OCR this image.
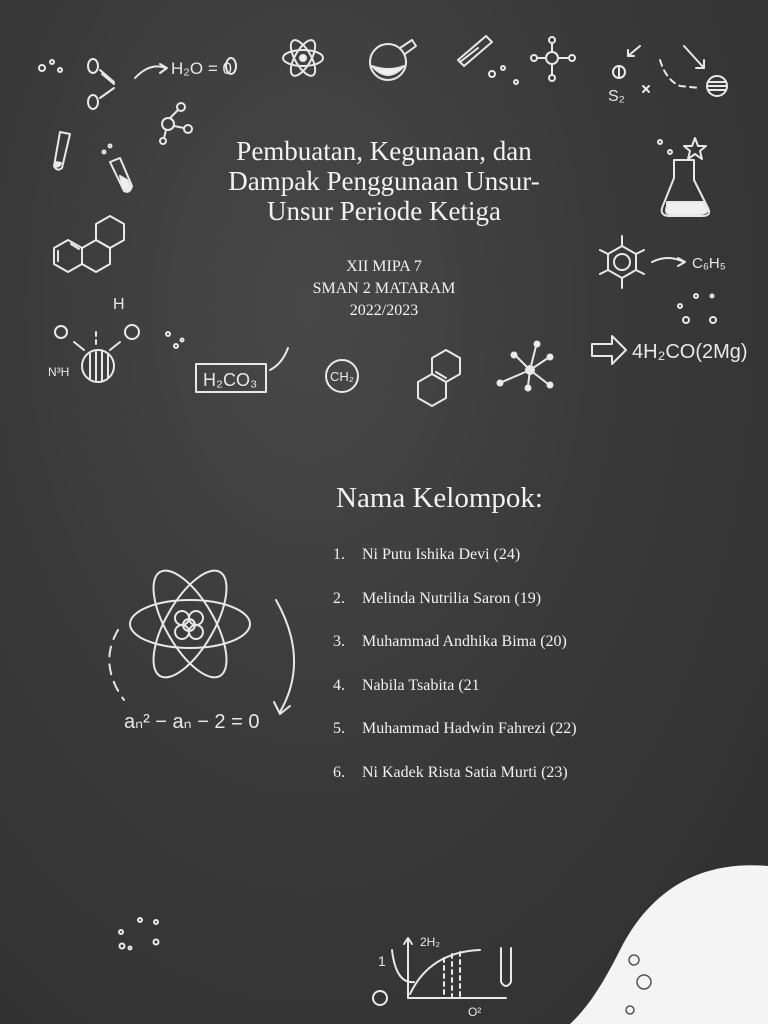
H₂O = 0
S₂
C₆H₅
4H₂CO(2Mg)
H
N³H	H₂CO₃	CH₂
aₙ² − aₙ − 2 = 0
2H₂
1
O²
Pembuatan, Kegunaan, dan Dampak Penggunaan Unsur-Unsur Periode Ketiga
XII MIPA 7
SMAN 2 MATARAM
2022/2023
Nama Kelompok:
1.	Ni Putu Ishika Devi (24)
2.	Melinda Nutrilia Saron (19)
3.	Muhammad Andhika Bima (20)
4.	Nabila Tsabita (21
5.	Muhammad Hadwin Fahrezi (22)
6.	Ni Kadek Rista Satia Murti (23)
